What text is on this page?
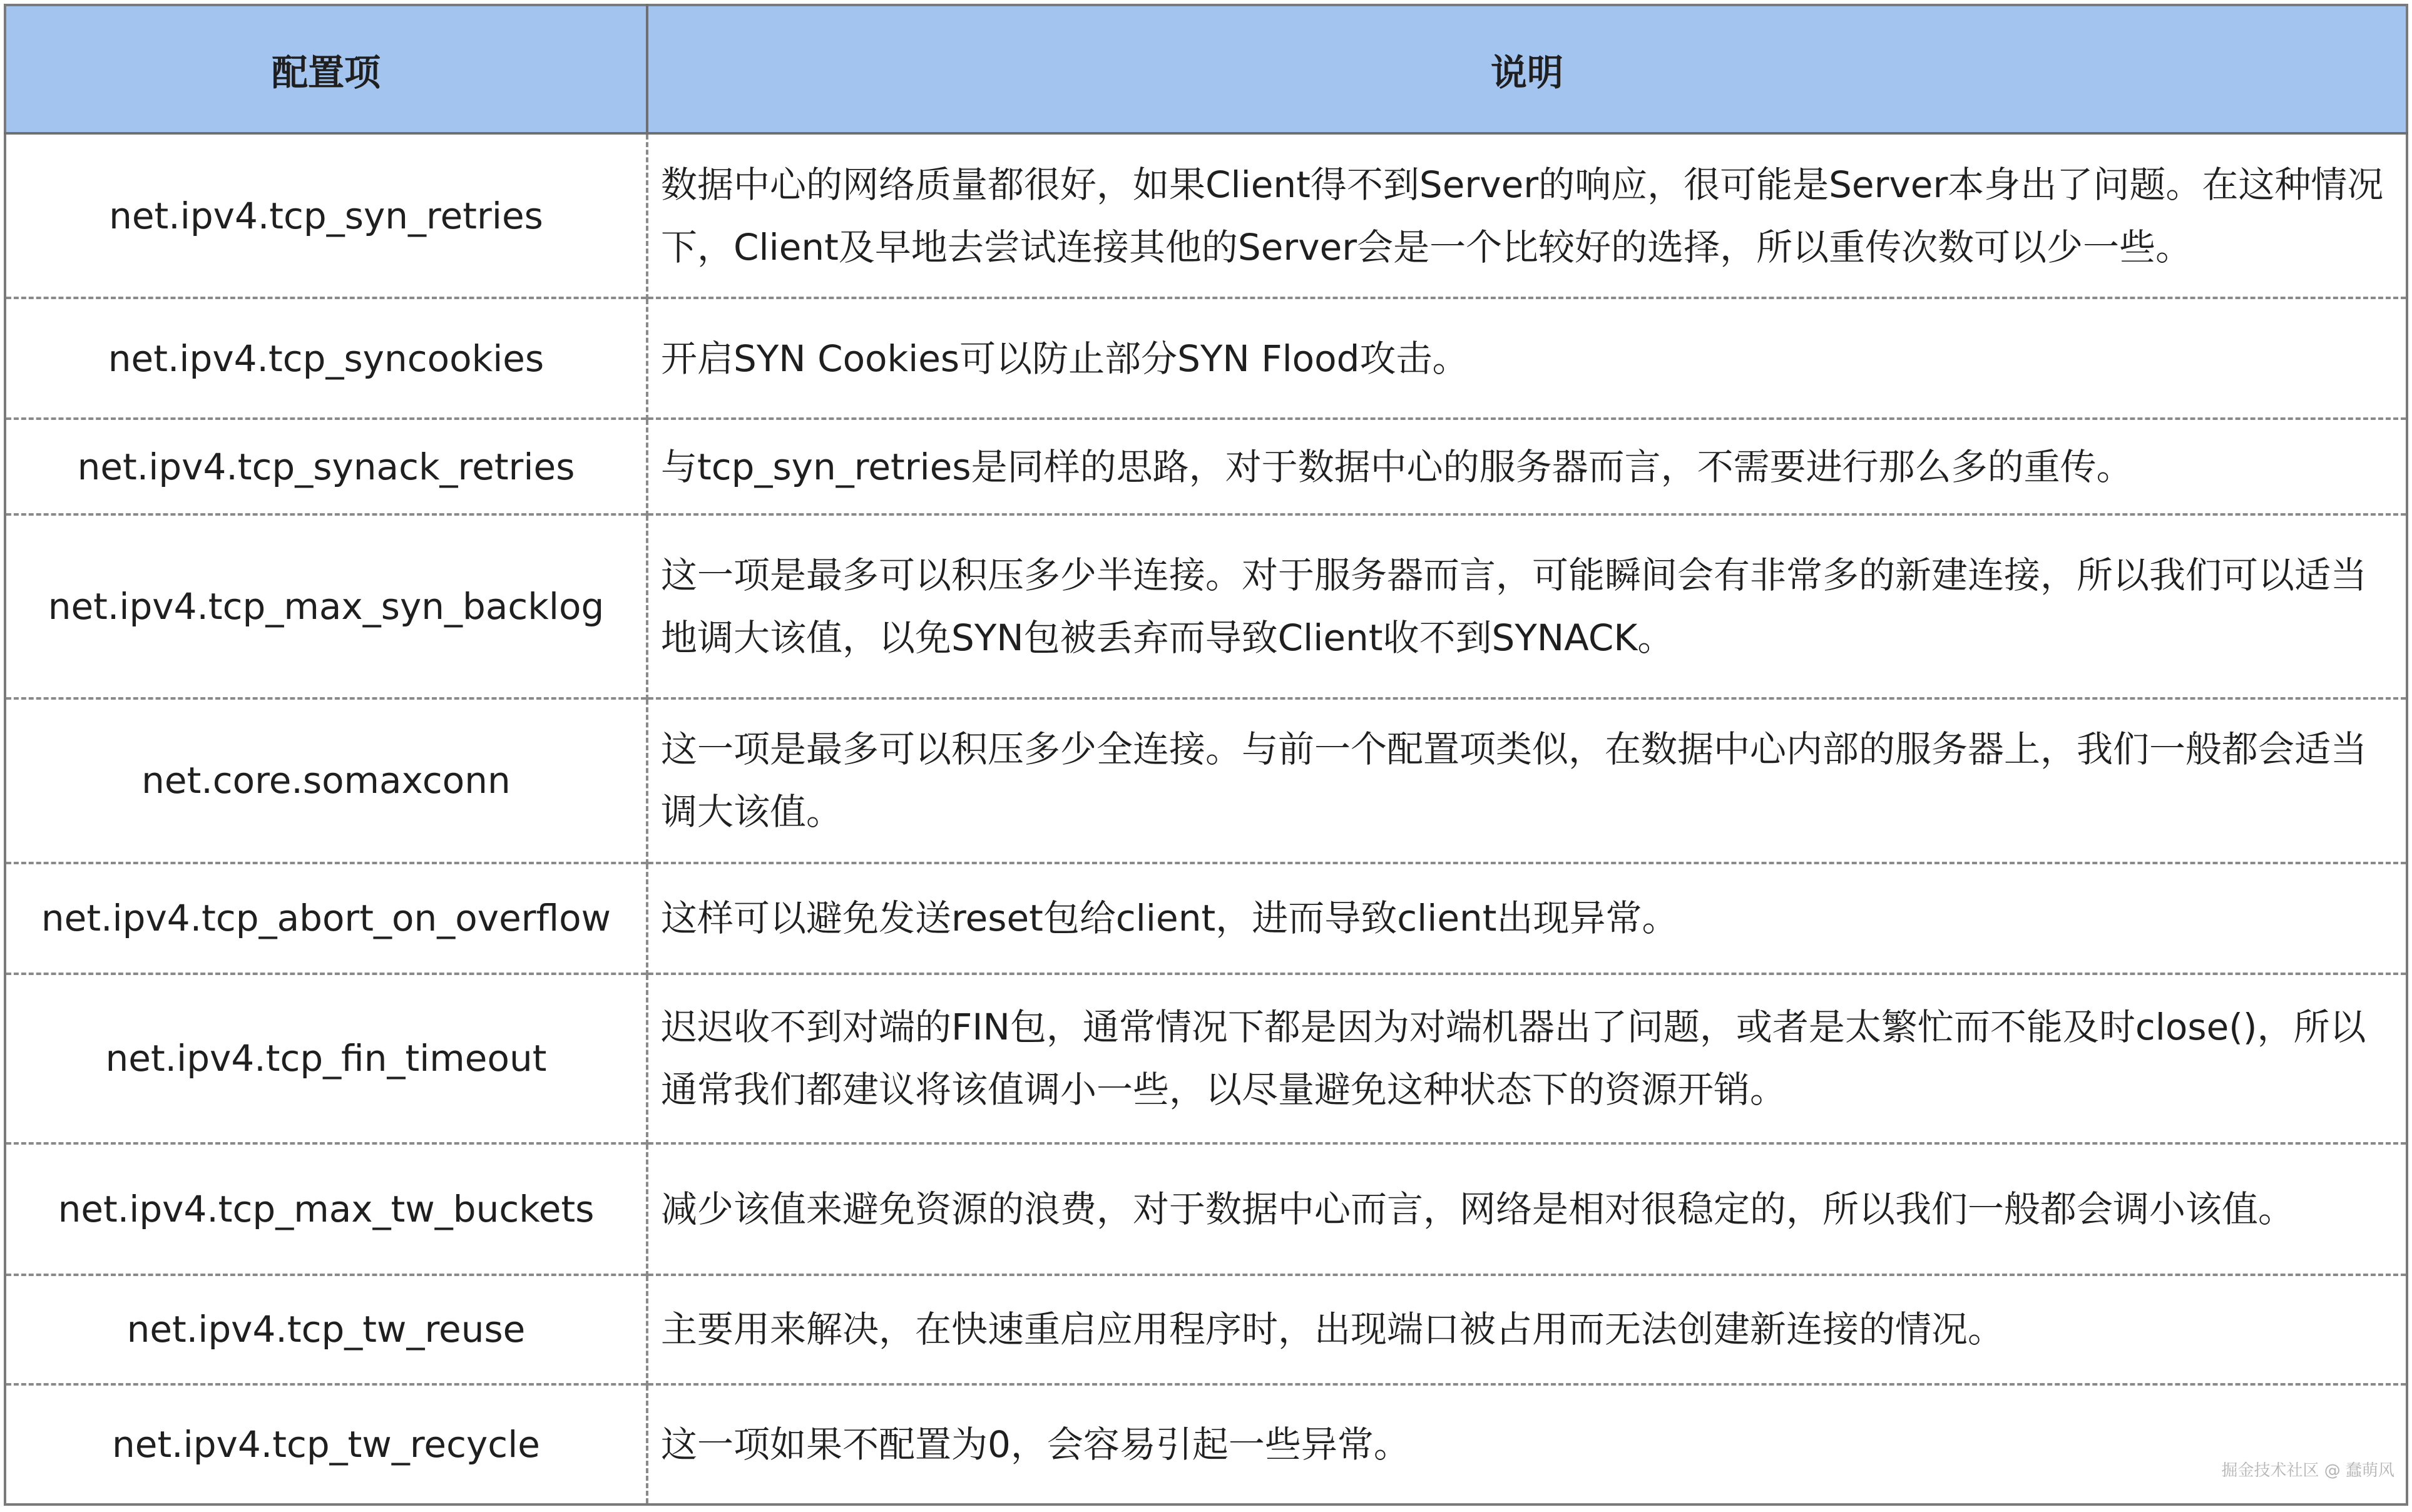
配置项	说明
net.ipv4.tcp_syn_retries	数据中心的网络质量都很好，如果Client得不到Server的响应，很可能是Server本身出了问题。在这种情况下，Client及早地去尝试连接其他的Server会是一个比较好的选择，所以重传次数可以少一些。
net.ipv4.tcp_syncookies	开启SYN Cookies可以防止部分SYN Flood攻击。
net.ipv4.tcp_synack_retries	与tcp_syn_retries是同样的思路，对于数据中心的服务器而言，不需要进行那么多的重传。
net.ipv4.tcp_max_syn_backlog	这一项是最多可以积压多少半连接。对于服务器而言，可能瞬间会有非常多的新建连接，所以我们可以适当地调大该值，以免SYN包被丢弃而导致Client收不到SYNACK。
net.core.somaxconn	这一项是最多可以积压多少全连接。与前一个配置项类似，在数据中心内部的服务器上，我们一般都会适当调大该值。
net.ipv4.tcp_abort_on_overflow	这样可以避免发送reset包给client，进而导致client出现异常。
net.ipv4.tcp_fin_timeout	迟迟收不到对端的FIN包，通常情况下都是因为对端机器出了问题，或者是太繁忙而不能及时close()，所以通常我们都建议将该值调小一些，以尽量避免这种状态下的资源开销。
net.ipv4.tcp_max_tw_buckets	减少该值来避免资源的浪费，对于数据中心而言，网络是相对很稳定的，所以我们一般都会调小该值。
net.ipv4.tcp_tw_reuse	主要用来解决，在快速重启应用程序时，出现端口被占用而无法创建新连接的情况。
net.ipv4.tcp_tw_recycle	这一项如果不配置为0，会容易引起一些异常。
掘金技术社区 @ 蠢萌风
